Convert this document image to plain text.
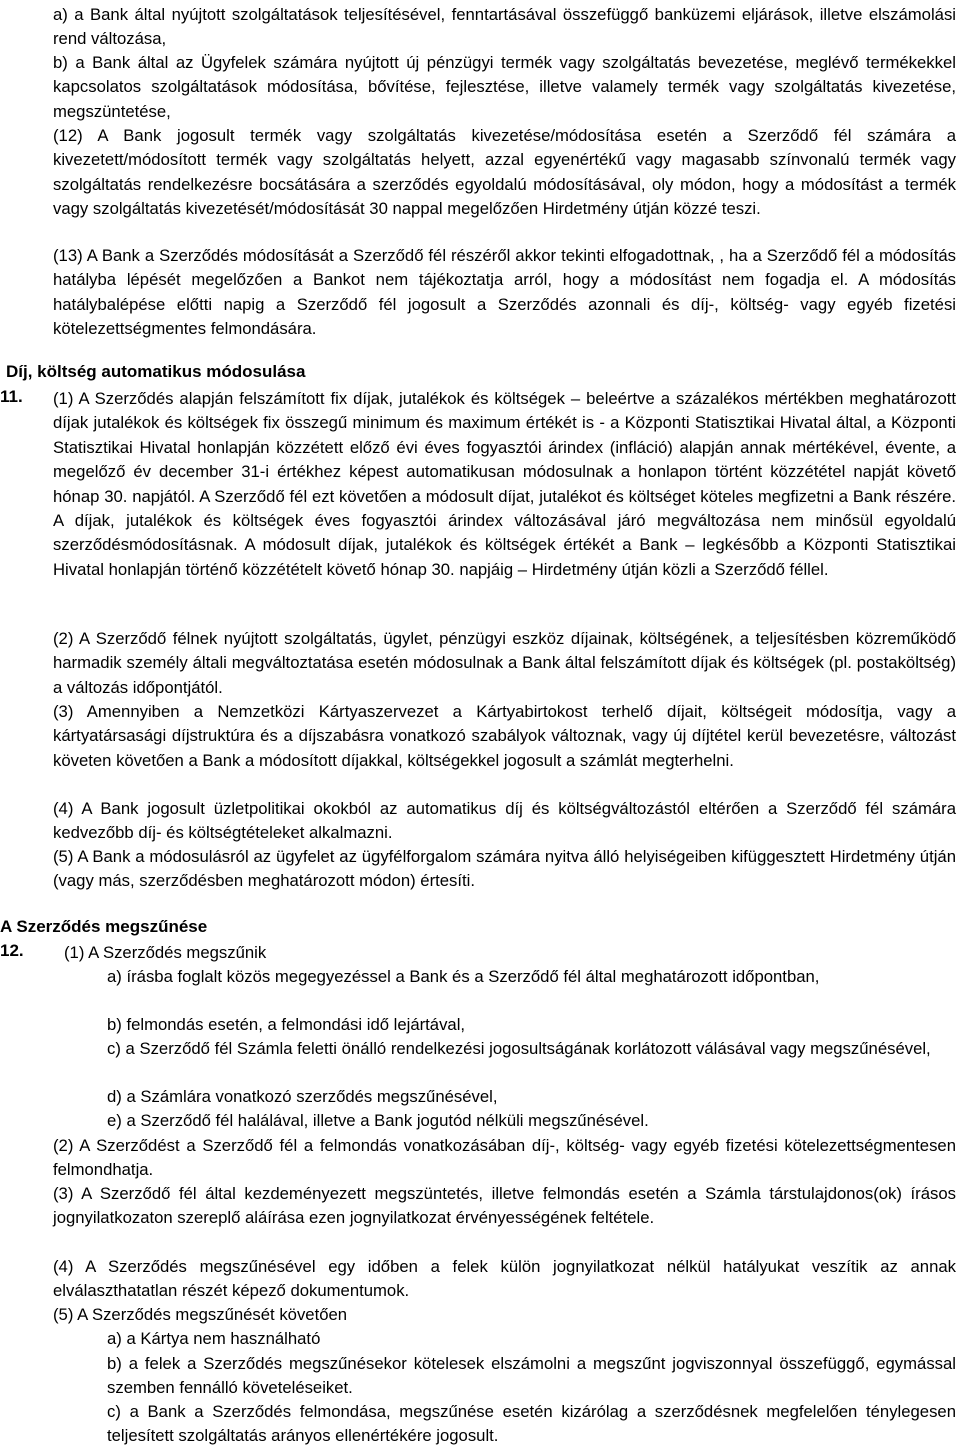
a) a Bank által nyújtott szolgáltatások teljesítésével, fenntartásával összefüggő banküzemi eljárások, illetve elszámolási rend változása,

b) a Bank által az Ügyfelek számára nyújtott új pénzügyi termék vagy szolgáltatás bevezetése, meglévő termékekkel kapcsolatos szolgáltatások módosítása, bővítése, fejlesztése, illetve valamely termék vagy szolgáltatás kivezetése, megszüntetése,

(12) A Bank jogosult termék vagy szolgáltatás kivezetése/módosítása esetén a Szerződő fél számára a kivezetett/módosított termék vagy szolgáltatás helyett, azzal egyenértékű vagy magasabb színvonalú termék vagy szolgáltatás rendelkezésre bocsátására a szerződés egyoldalú módosításával, oly módon, hogy a módosítást a termék vagy szolgáltatás kivezetését/módosítását 30 nappal megelőzően Hirdetmény útján közzé teszi.

(13) A Bank a Szerződés módosítását a Szerződő fél részéről akkor tekinti elfogadottnak, , ha a Szerződő fél a módosítás hatályba lépését megelőzően a Bankot nem tájékoztatja arról, hogy a módosítást nem fogadja el. A módosítás hatálybalépése előtti napig a Szerződő fél jogosult a Szerződés azonnali és díj-, költség- vagy egyéb fizetési kötelezettségmentes felmondására.

Díj, költség automatikus módosulása

11. (1) A Szerződés alapján felszámított fix díjak, jutalékok és költségek – beleértve a százalékos mértékben meghatározott díjak jutalékok és költségek fix összegű minimum és maximum értékét is - a Központi Statisztikai Hivatal által, a Központi Statisztikai Hivatal honlapján közzétett előző évi éves fogyasztói árindex (infláció) alapján annak mértékével, évente, a megelőző év december 31-i értékhez képest automatikusan módosulnak a honlapon történt közzététel napját követő hónap 30. napjától. A Szerződő fél ezt követően a módosult díjat, jutalékot és költséget köteles megfizetni a Bank részére. A díjak, jutalékok és költségek éves fogyasztói árindex változásával járó megváltozása nem minősül egyoldalú szerződésmódosításnak. A módosult díjak, jutalékok és költségek értékét a Bank – legkésőbb a Központi Statisztikai Hivatal honlapján történő közzétételt követő hónap 30. napjáig – Hirdetmény útján közli a Szerződő féllel.

(2) A Szerződő félnek nyújtott szolgáltatás, ügylet, pénzügyi eszköz díjainak, költségének, a teljesítésben közreműködő harmadik személy általi megváltoztatása esetén módosulnak a Bank által felszámított díjak és költségek (pl. postaköltség) a változás időpontjától.

(3) Amennyiben a Nemzetközi Kártyaszervezet a Kártyabirtokost terhelő díjait, költségeit módosítja, vagy a kártyatársasági díjstruktúra és a díjszabásra vonatkozó szabályok változnak, vagy új díjtétel kerül bevezetésre, változást követen követően a Bank a módosított díjakkal, költségekkel jogosult a számlát megterhelni.

(4) A Bank jogosult üzletpolitikai okokból az automatikus díj és költségváltozástól eltérően a Szerződő fél számára kedvezőbb díj- és költségtételeket alkalmazni.

(5) A Bank a módosulásról az ügyfelet az ügyfélforgalom számára nyitva álló helyiségeiben kifüggesztett Hirdetmény útján (vagy más, szerződésben meghatározott módon) értesíti.

A Szerződés megszűnése

12. (1) A Szerződés megszűnik

a) írásba foglalt közös megegyezéssel a Bank és a Szerződő fél által meghatározott időpontban,

b) felmondás esetén, a felmondási idő lejártával,

c) a Szerződő fél Számla feletti önálló rendelkezési jogosultságának korlátozott válásával vagy megszűnésével,

d) a Számlára vonatkozó szerződés megszűnésével,

e) a Szerződő fél halálával, illetve a Bank jogutód nélküli megszűnésével.

(2) A Szerződést a Szerződő fél a felmondás vonatkozásában díj-, költség- vagy egyéb fizetési kötelezettségmentesen felmondhatja.

(3) A Szerződő fél által kezdeményezett megszüntetés, illetve felmondás esetén a Számla társtulajdonos(ok) írásos jognyilatkozaton szereplő aláírása ezen jognyilatkozat érvényességének feltétele.

(4) A Szerződés megszűnésével egy időben a felek külön jognyilatkozat nélkül hatályukat veszítik az annak elválaszthatatlan részét képező dokumentumok.

(5) A Szerződés megszűnését követően

a) a Kártya nem használható

b) a felek a Szerződés megszűnésekor kötelesek elszámolni a megszűnt jogviszonnyal összefüggő, egymással szemben fennálló követeléseiket.

c) a Bank a Szerződés felmondása, megszűnése esetén kizárólag a szerződésnek megfelelően ténylegesen teljesített szolgáltatás arányos ellenértékére jogosult.
